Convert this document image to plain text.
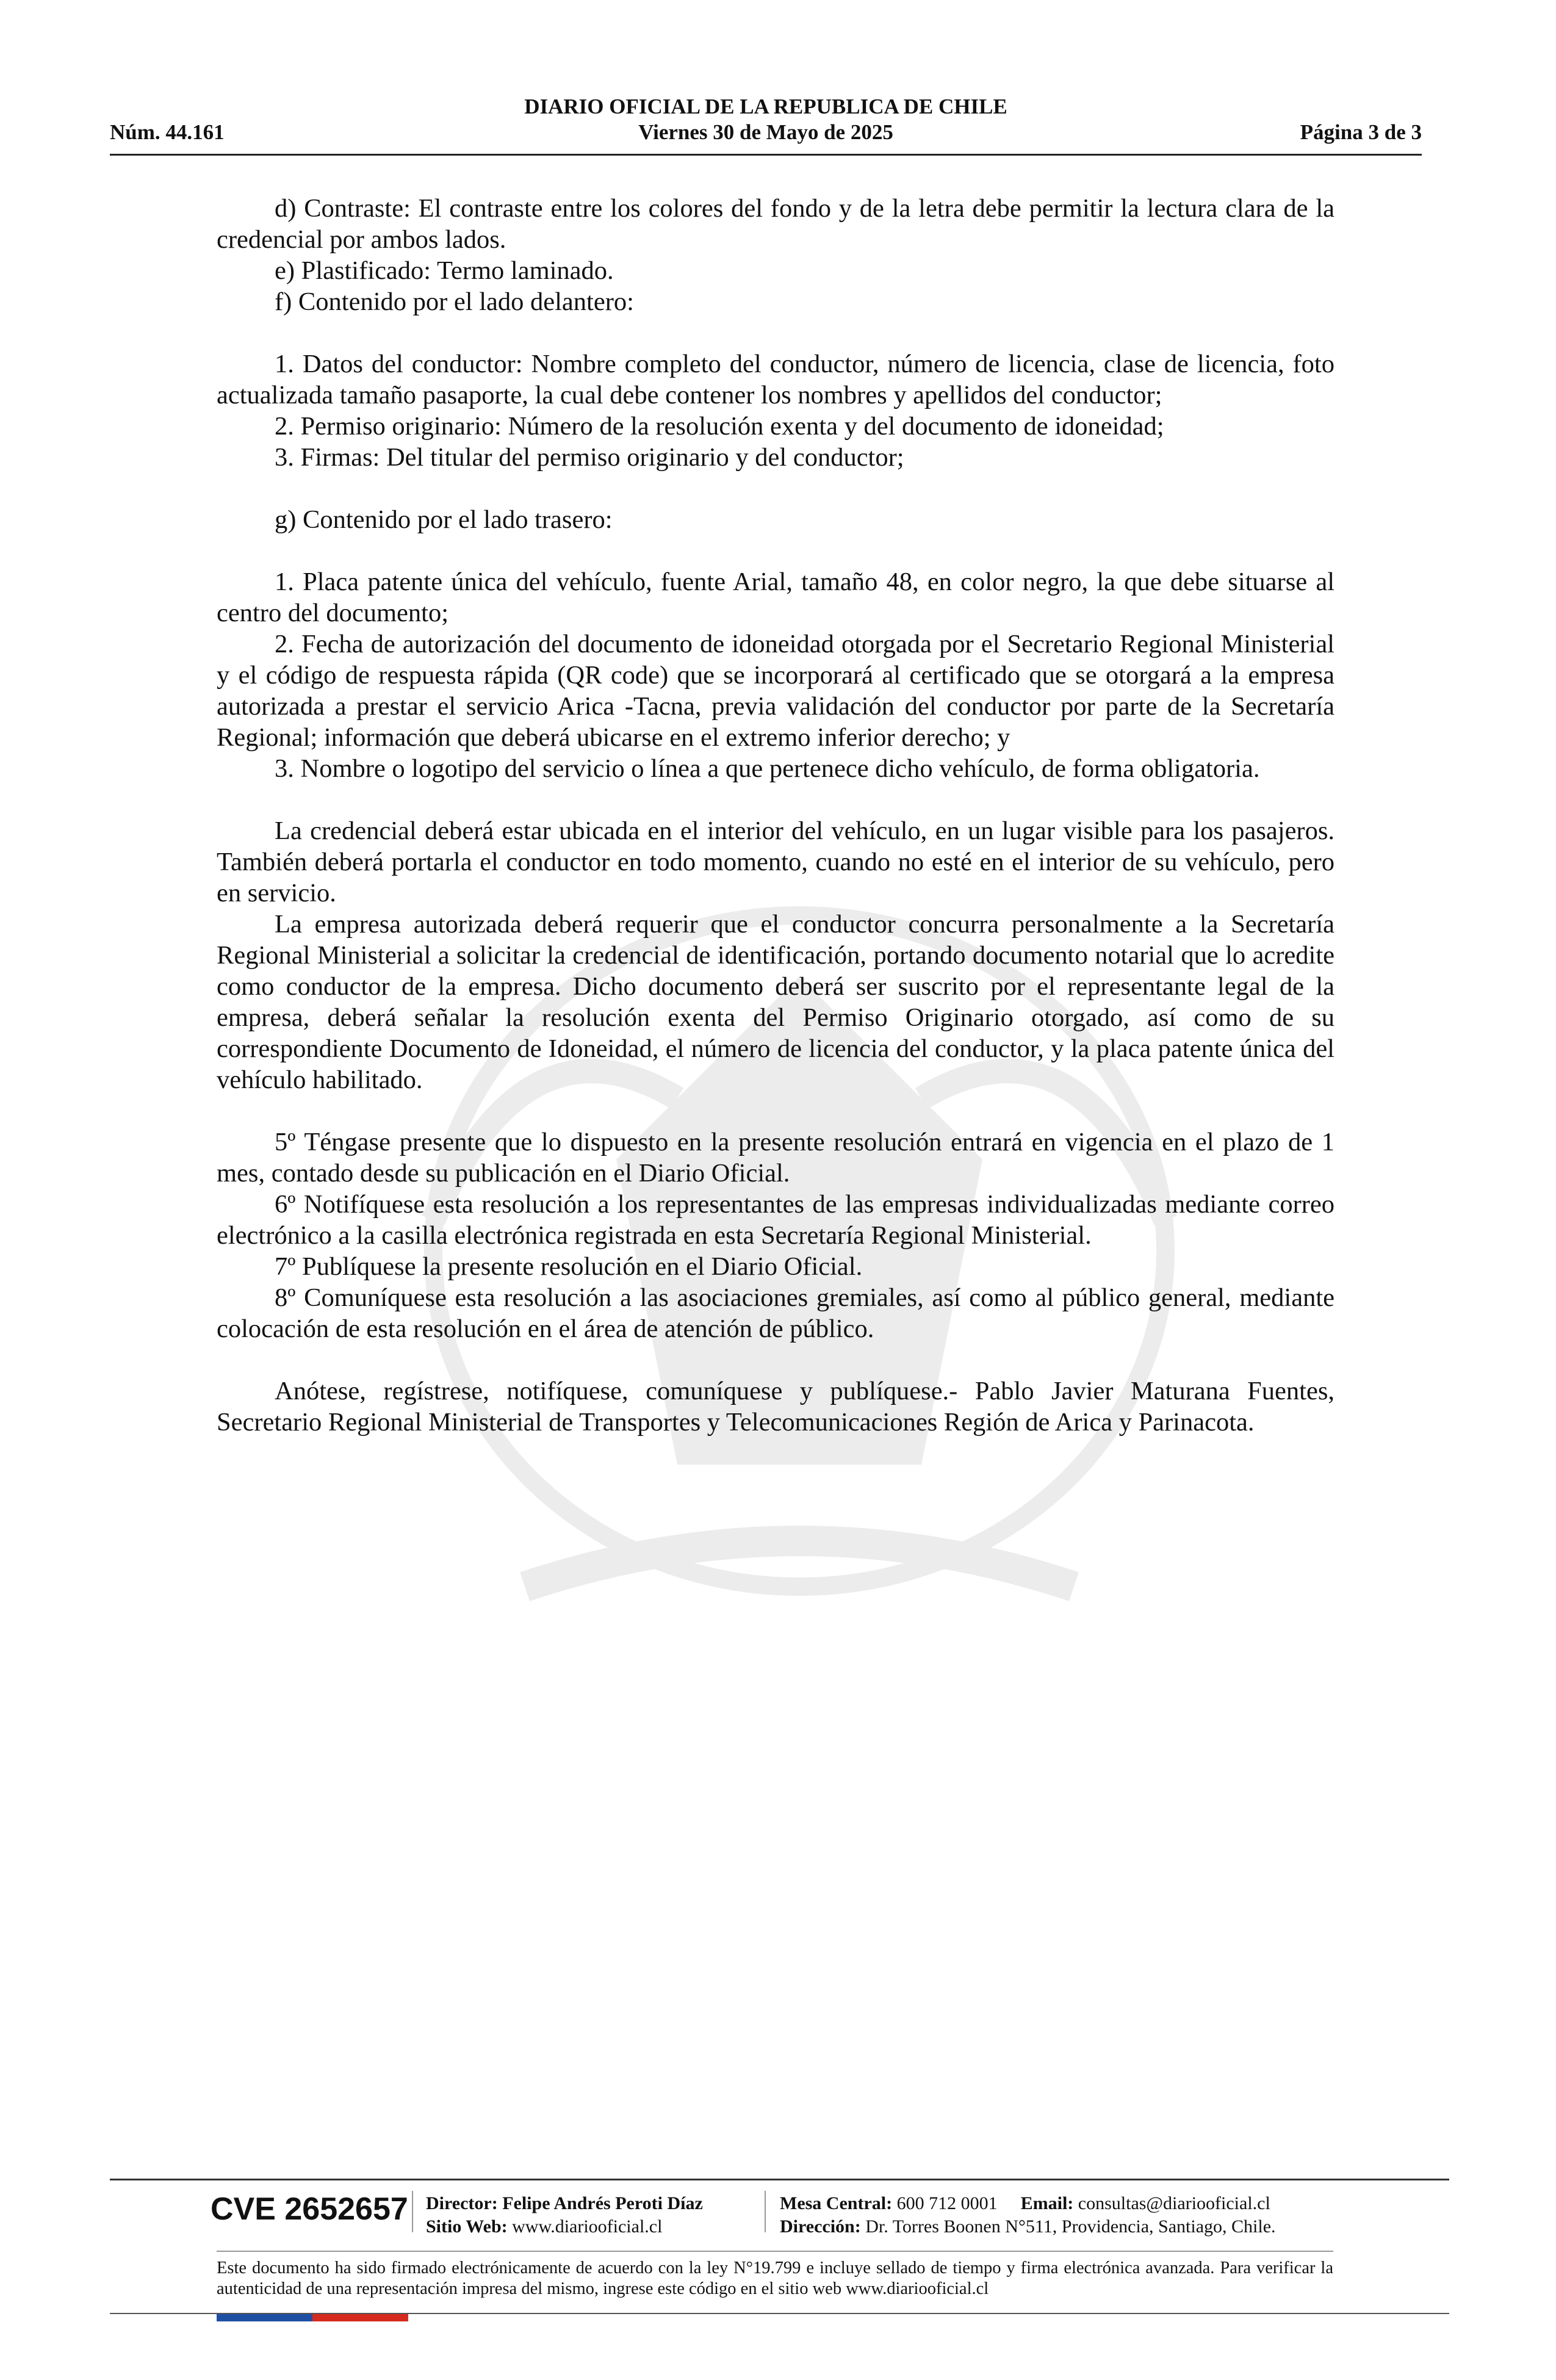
DIARIO OFICIAL DE LA REPUBLICA DE CHILE
Núm. 44.161	Viernes 30 de Mayo de 2025	Página 3 de 3

d) Contraste: El contraste entre los colores del fondo y de la letra debe permitir la lectura clara de la credencial por ambos lados.

e) Plastificado: Termo laminado.

f) Contenido por el lado delantero:

1. Datos del conductor: Nombre completo del conductor, número de licencia, clase de licencia, foto actualizada tamaño pasaporte, la cual debe contener los nombres y apellidos del conductor;

2. Permiso originario: Número de la resolución exenta y del documento de idoneidad;

3. Firmas: Del titular del permiso originario y del conductor;

g) Contenido por el lado trasero:

1. Placa patente única del vehículo, fuente Arial, tamaño 48, en color negro, la que debe situarse al centro del documento;

2. Fecha de autorización del documento de idoneidad otorgada por el Secretario Regional Ministerial y el código de respuesta rápida (QR code) que se incorporará al certificado que se otorgará a la empresa autorizada a prestar el servicio Arica -Tacna, previa validación del conductor por parte de la Secretaría Regional; información que deberá ubicarse en el extremo inferior derecho; y

3. Nombre o logotipo del servicio o línea a que pertenece dicho vehículo, de forma obligatoria.

La credencial deberá estar ubicada en el interior del vehículo, en un lugar visible para los pasajeros. También deberá portarla el conductor en todo momento, cuando no esté en el interior de su vehículo, pero en servicio.

La empresa autorizada deberá requerir que el conductor concurra personalmente a la Secretaría Regional Ministerial a solicitar la credencial de identificación, portando documento notarial que lo acredite como conductor de la empresa. Dicho documento deberá ser suscrito por el representante legal de la empresa, deberá señalar la resolución exenta del Permiso Originario otorgado, así como de su correspondiente Documento de Idoneidad, el número de licencia del conductor, y la placa patente única del vehículo habilitado.

5º Téngase presente que lo dispuesto en la presente resolución entrará en vigencia en el plazo de 1 mes, contado desde su publicación en el Diario Oficial.

6º Notifíquese esta resolución a los representantes de las empresas individualizadas mediante correo electrónico a la casilla electrónica registrada en esta Secretaría Regional Ministerial.

7º Publíquese la presente resolución en el Diario Oficial.

8º Comuníquese esta resolución a las asociaciones gremiales, así como al público general, mediante colocación de esta resolución en el área de atención de público.

Anótese, regístrese, notifíquese, comuníquese y publíquese.- Pablo Javier Maturana Fuentes, Secretario Regional Ministerial de Transportes y Telecomunicaciones Región de Arica y Parinacota.

CVE 2652657 Director: Felipe Andrés Peroti Díaz
Sitio Web: www.diariooficial.cl
Mesa Central: 600 712 0001 Email: consultas@diariooficial.cl
Dirección: Dr. Torres Boonen N°511, Providencia, Santiago, Chile.
Este documento ha sido firmado electrónicamente de acuerdo con la ley N°19.799 e incluye sellado de tiempo y firma electrónica avanzada. Para verificar la autenticidad de una representación impresa del mismo, ingrese este código en el sitio web www.diariooficial.cl
